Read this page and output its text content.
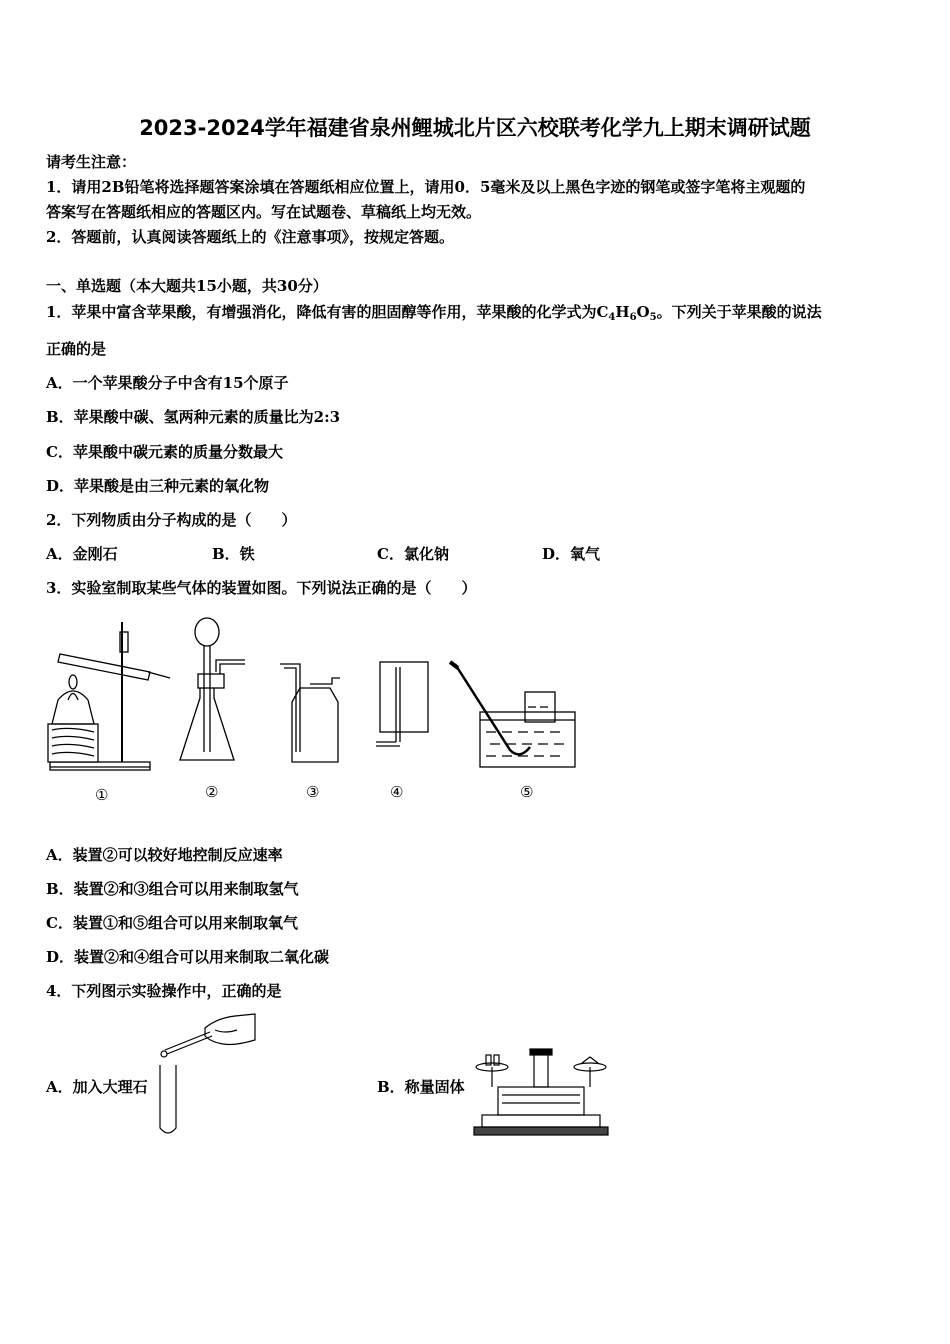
2023-2024学年福建省泉州鲤城北片区六校联考化学九上期末调研试题
请考生注意：
1．请用2B铅笔将选择题答案涂填在答题纸相应位置上，请用0．5毫米及以上黑色字迹的钢笔或签字笔将主观题的
答案写在答题纸相应的答题区内。写在试题卷、草稿纸上均无效。
2．答题前，认真阅读答题纸上的《注意事项》，按规定答题。
一、单选题（本大题共15小题，共30分）
1．苹果中富含苹果酸，有增强消化，降低有害的胆固醇等作用，苹果酸的化学式为$C_4H_6O_5$。下列关于苹果酸的说法
正确的是
A．一个苹果酸分子中含有15个原子
B．苹果酸中碳、氢两种元素的质量比为2:3
C．苹果酸中碳元素的质量分数最大
D．苹果酸是由三种元素的氧化物
2．下列物质由分子构成的是（　　）
A．金刚石	B．铁	C．氯化钠	D．氧气
3．实验室制取某些气体的装置如图。下列说法正确的是（　　）
①	②	③	④	⑤
A．装置②可以较好地控制反应速率
B．装置②和③组合可以用来制取氢气
C．装置①和⑤组合可以用来制取氧气
D．装置②和④组合可以用来制取二氧化碳
4．下列图示实验操作中，正确的是
A．加入大理石	B．称量固体
